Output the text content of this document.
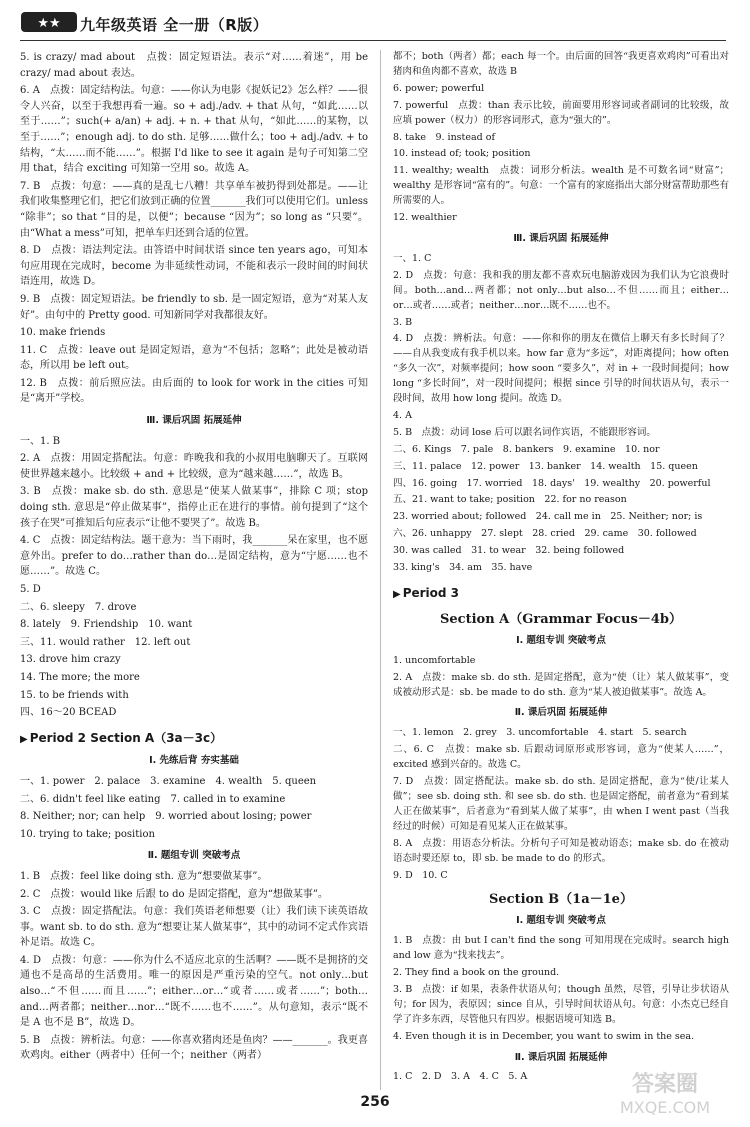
★★ 九年级英语 全一册（R版）

5. is crazy/ mad about　点拨：固定短语法。表示“对……着迷”，用 be crazy/ mad about 表达。

6. A　点拨：固定结构法。句意：——你认为电影《捉妖记2》怎么样？——很令人兴奋，以至于我想再看一遍。so + adj./adv. + that 从句，“如此……以至于……”；such(+ a/an) + adj. + n. + that 从句，“如此……的某物，以至于……”；enough adj. to do sth. 足够……做什么；too + adj./adv. + to 结构，“太……而不能……”。根据 I'd like to see it again 是句子可知第二空用 that，结合 exciting 可知第一空用 so。故选 A。

7. B　点拨：句意：——真的是乱七八糟！共享单车被扔得到处都是。——让我们收集整理它们，把它们放到正确的位置_______我们可以使用它们。unless “除非”；so that “目的是，以便”；because “因为”；so long as “只要”。由“What a mess”可知，把单车归还到合适的位置。

8. D　点拨：语法判定法。由答语中时间状语 since ten years ago，可知本句应用现在完成时，become 为非延续性动词，不能和表示一段时间的时间状语连用，故选 D。

9. B　点拨：固定短语法。be friendly to sb. 是一固定短语，意为“对某人友好”。由句中的 Pretty good. 可知新同学对我都很友好。

10. make friends

11. C　点拨：leave out 是固定短语，意为“不包括；忽略”；此处是被动语态，所以用 be left out。

12. B　点拨：前后照应法。由后面的 to look for work in the cities 可知是“离开”学校。

Ⅲ. 课后巩固 拓展延伸

一、1. B

2. A　点拨：用固定搭配法。句意：昨晚我和我的小叔用电脑聊天了。互联网使世界越来越小。比较级 + and + 比较级，意为“越来越……”，故选 B。

3. B　点拨：make sb. do sth. 意思是“使某人做某事”，排除 C 项；stop doing sth. 意思是“停止做某事”，指停止正在进行的事情。前句提到了“这个孩子在哭”可推知后句应表示“让他不要哭了”。故选 B。

4. C　点拨：固定结构法。题干意为：当下雨时，我_______呆在家里，也不愿意外出。prefer to do…rather than do…是固定结构，意为“宁愿……也不愿……”。故选 C。

5. D

二、6. sleepy　7. drove

8. lately　9. Friendship　10. want

三、11. would rather　12. left out

13. drove him crazy

14. The more; the more

15. to be friends with

四、16～20 BCEAD

▶ Period 2 Section A（3a－3c）
Ⅰ. 先练后背 夯实基础

一、1. power　2. palace　3. examine　4. wealth　5. queen

二、6. didn't feel like eating　7. called in to examine

8. Neither; nor; can help　9. worried about losing; power

10. trying to take; position

Ⅱ. 题组专训 突破考点

1. B　点拨：feel like doing sth. 意为“想要做某事”。

2. C　点拨：would like 后跟 to do 是固定搭配，意为“想做某事”。

3. C　点拨：固定搭配法。句意：我们英语老师想要（让）我们读下读英语故事。want sb. to do sth. 意为“想要让某人做某事”，其中的动词不定式作宾语补足语。故选 C。

4. D　点拨：句意：——你为什么不适应北京的生活啊？——既不是拥挤的交通也不是高昂的生活费用。唯一的原因是严重污染的空气。not only…but also…“不但……而且……”；either…or…“或者……或者……”；both…and…两者都；neither…nor…“既不……也不……”。从句意知，表示“既不是 A 也不是 B”，故选 D。

5. B　点拨：辨析法。句意：——你喜欢猪肉还是鱼肉？——_______。我更喜欢鸡肉。either（两者中）任何一个；neither（两者）

都不；both（两者）都；each 每一个。由后面的回答“我更喜欢鸡肉”可看出对猪肉和鱼肉都不喜欢，故选 B

6. power; powerful

7. powerful　点拨：than 表示比较，前面要用形容词或者副词的比较级，故应填 power（权力）的形容词形式，意为“强大的”。

8. take　9. instead of

10. instead of; took; position

11. wealthy; wealth　点拨：词形分析法。wealth 是不可数名词“财富”；wealthy 是形容词“富有的”。句意：一个富有的家庭指出大部分财富帮助那些有所需要的人。

12. wealthier

Ⅲ. 课后巩固 拓展延伸

一、1. C

2. D　点拨：句意：我和我的朋友都不喜欢玩电脑游戏因为我们认为它浪费时间。both…and…两者都；not only…but also…不但……而且；either…or…或者……或者；neither…nor…既不……也不。

3. B

4. D　点拨：辨析法。句意：——你和你的朋友在微信上聊天有多长时间了？——自从我变成有我手机以来。how far 意为“多远”，对距离提问；how often “多久一次”，对频率提问；how soon “要多久”，对 in + 一段时间提问；how long “多长时间”，对一段时间提问；根据 since 引导的时间状语从句，表示一段时间，故用 how long 提问。故选 D。

4. A

5. B　点拨：动词 lose 后可以跟名词作宾语，不能跟形容词。

二、6. Kings　7. pale　8. bankers　9. examine　10. nor

三、11. palace　12. power　13. banker　14. wealth　15. queen

四、16. going　17. worried　18. days'　19. wealthy　20. powerful

五、21. want to take; position　22. for no reason

23. worried about; followed　24. call me in　25. Neither; nor; is

六、26. unhappy　27. slept　28. cried　29. came　30. followed

30. was called　31. to wear　32. being followed

33. king's　34. am　35. have

▶ Period 3
Section A（Grammar Focus－4b）
Ⅰ. 题组专训 突破考点

1. uncomfortable

2. A　点拨：make sb. do sth. 是固定搭配，意为“使（让）某人做某事”，变成被动形式是：sb. be made to do sth. 意为“某人被迫做某事”。故选 A。

Ⅱ. 课后巩固 拓展延伸

一、1. lemon　2. grey　3. uncomfortable　4. start　5. search

二、6. C　点拨：make sb. 后跟动词原形或形容词，意为“使某人……”，excited 感到兴奋的。故选 C。

7. D　点拨：固定搭配法。make sb. do sth. 是固定搭配，意为“使/让某人做”；see sb. doing sth. 和 see sb. do sth. 也是固定搭配，前者意为“看到某人正在做某事”，后者意为“看到某人做了某事”，由 when I went past（当我经过的时候）可知是看见某人正在做某事。

8. A　点拨：用语态分析法。分析句子可知是被动语态；make sb. do 在被动语态时要还原 to，即 sb. be made to do 的形式。

9. D　10. C

Section B（1a－1e）
Ⅰ. 题组专训 突破考点

1. B　点拨：由 but I can't find the song 可知用现在完成时。search high and low 意为“找来找去”。

2. They find a book on the ground.

3. B　点拨：if 如果，表条件状语从句；though 虽然，尽管，引导让步状语从句；for 因为，表原因；since 自从，引导时间状语从句。句意：小杰克已经自学了许多东西，尽管他只有四岁。根据语境可知选 B。

4. Even though it is in December, you want to swim in the sea.

Ⅱ. 课后巩固 拓展延伸

1. C　2. D　3. A　4. C　5. A

256
答案圈
MXQE.COM
